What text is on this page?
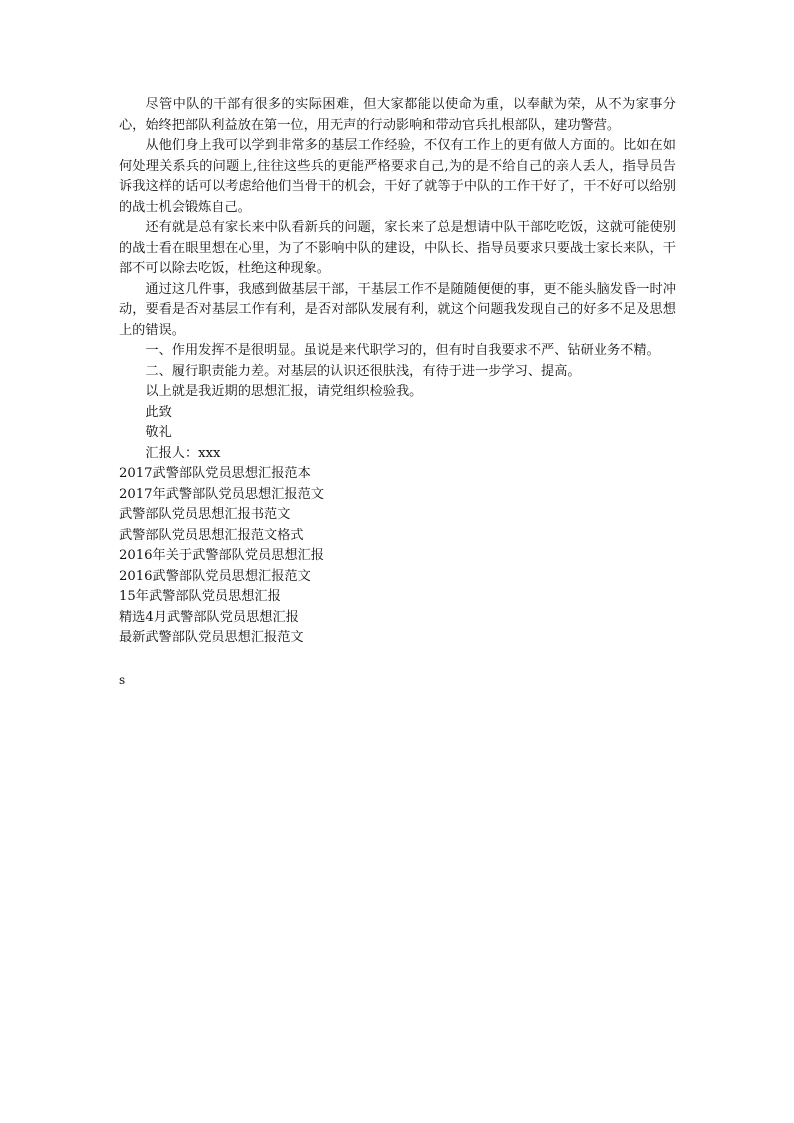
尽管中队的干部有很多的实际困难，但大家都能以使命为重，以奉献为荣，从不为家事分心，始终把部队利益放在第一位，用无声的行动影响和带动官兵扎根部队，建功警营。

从他们身上我可以学到非常多的基层工作经验，不仅有工作上的更有做人方面的。比如在如何处理关系兵的问题上,往往这些兵的更能严格要求自己,为的是不给自己的亲人丢人，指导员告诉我这样的话可以考虑给他们当骨干的机会，干好了就等于中队的工作干好了，干不好可以给别的战士机会锻炼自己。

还有就是总有家长来中队看新兵的问题，家长来了总是想请中队干部吃吃饭，这就可能使别的战士看在眼里想在心里，为了不影响中队的建设，中队长、指导员要求只要战士家长来队，干部不可以除去吃饭，杜绝这种现象。

通过这几件事，我感到做基层干部，干基层工作不是随随便便的事，更不能头脑发昏一时冲动，要看是否对基层工作有利，是否对部队发展有利，就这个问题我发现自己的好多不足及思想上的错误。

一、作用发挥不是很明显。虽说是来代职学习的，但有时自我要求不严、钻研业务不精。

二、履行职责能力差。对基层的认识还很肤浅，有待于进一步学习、提高。

以上就是我近期的思想汇报，请党组织检验我。

此致

敬礼

汇报人：xxx

2017武警部队党员思想汇报范本
2017年武警部队党员思想汇报范文
武警部队党员思想汇报书范文
武警部队党员思想汇报范文格式
2016年关于武警部队党员思想汇报
2016武警部队党员思想汇报范文
15年武警部队党员思想汇报
精选4月武警部队党员思想汇报
最新武警部队党员思想汇报范文

s
